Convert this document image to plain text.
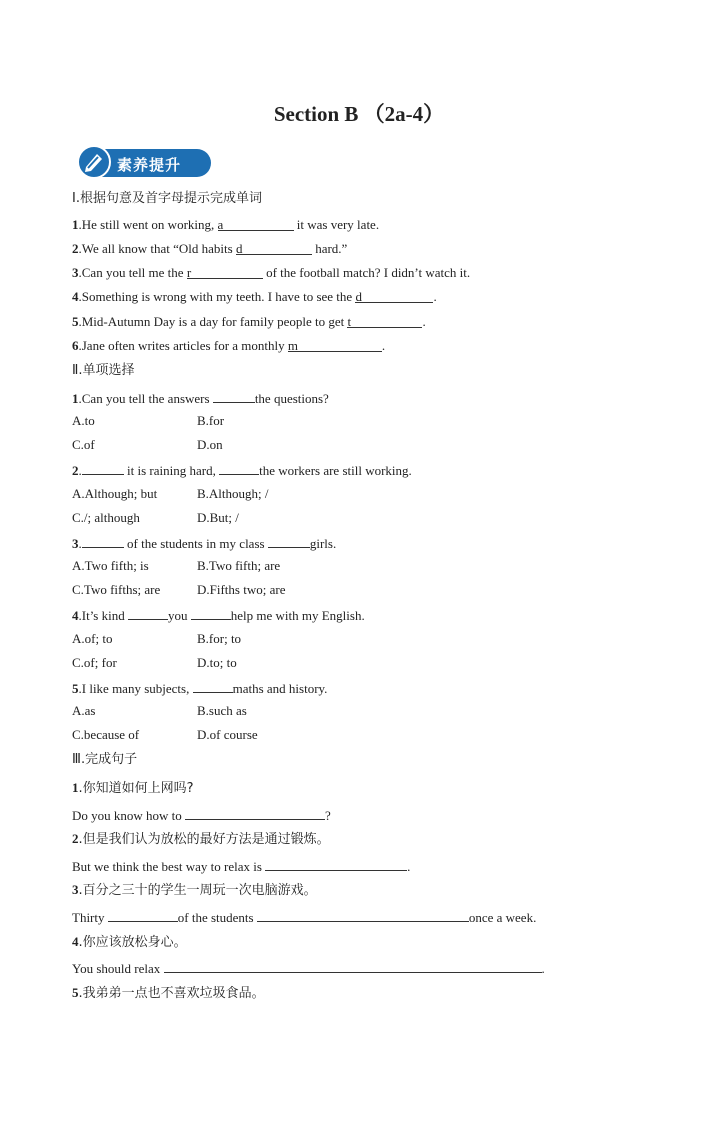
Section B （2a-4）
素养提升
Ⅰ.根据句意及首字母提示完成单词
1.He still went on working, a	it was very late.
2.We all know that “Old habits d	hard.”
3.Can you tell me the r	of the football match? I didn’t watch it.
4.Something is wrong with my teeth. I have to see the d	.
5.Mid-Autumn Day is a day for family people to get t	.
6.Jane often writes articles for a monthly m	.
Ⅱ.单项选择
1.Can you tell the answers	the questions?
A.to	B.for
C.of	D.on
2.	it is raining hard,	the workers are still working.
A.Although; but	B.Although; /
C./; although	D.But; /
3.	of the students in my class	girls.
A.Two fifth; is	B.Two fifth; are
C.Two fifths; are	D.Fifths two; are
4.It’s kind	you	help me with my English.
A.of; to	B.for; to
C.of; for	D.to; to
5.I like many subjects,	maths and history.
A.as	B.such as
C.because of	D.of course
Ⅲ.完成句子
1.你知道如何上网吗?
Do you know how to	?
2.但是我们认为放松的最好方法是通过锻炼。
But we think the best way to relax is	.
3.百分之三十的学生一周玩一次电脑游戏。
Thirty	of the students	once a week.
4.你应该放松身心。
You should relax	.
5.我弟弟一点也不喜欢垃圾食品。
